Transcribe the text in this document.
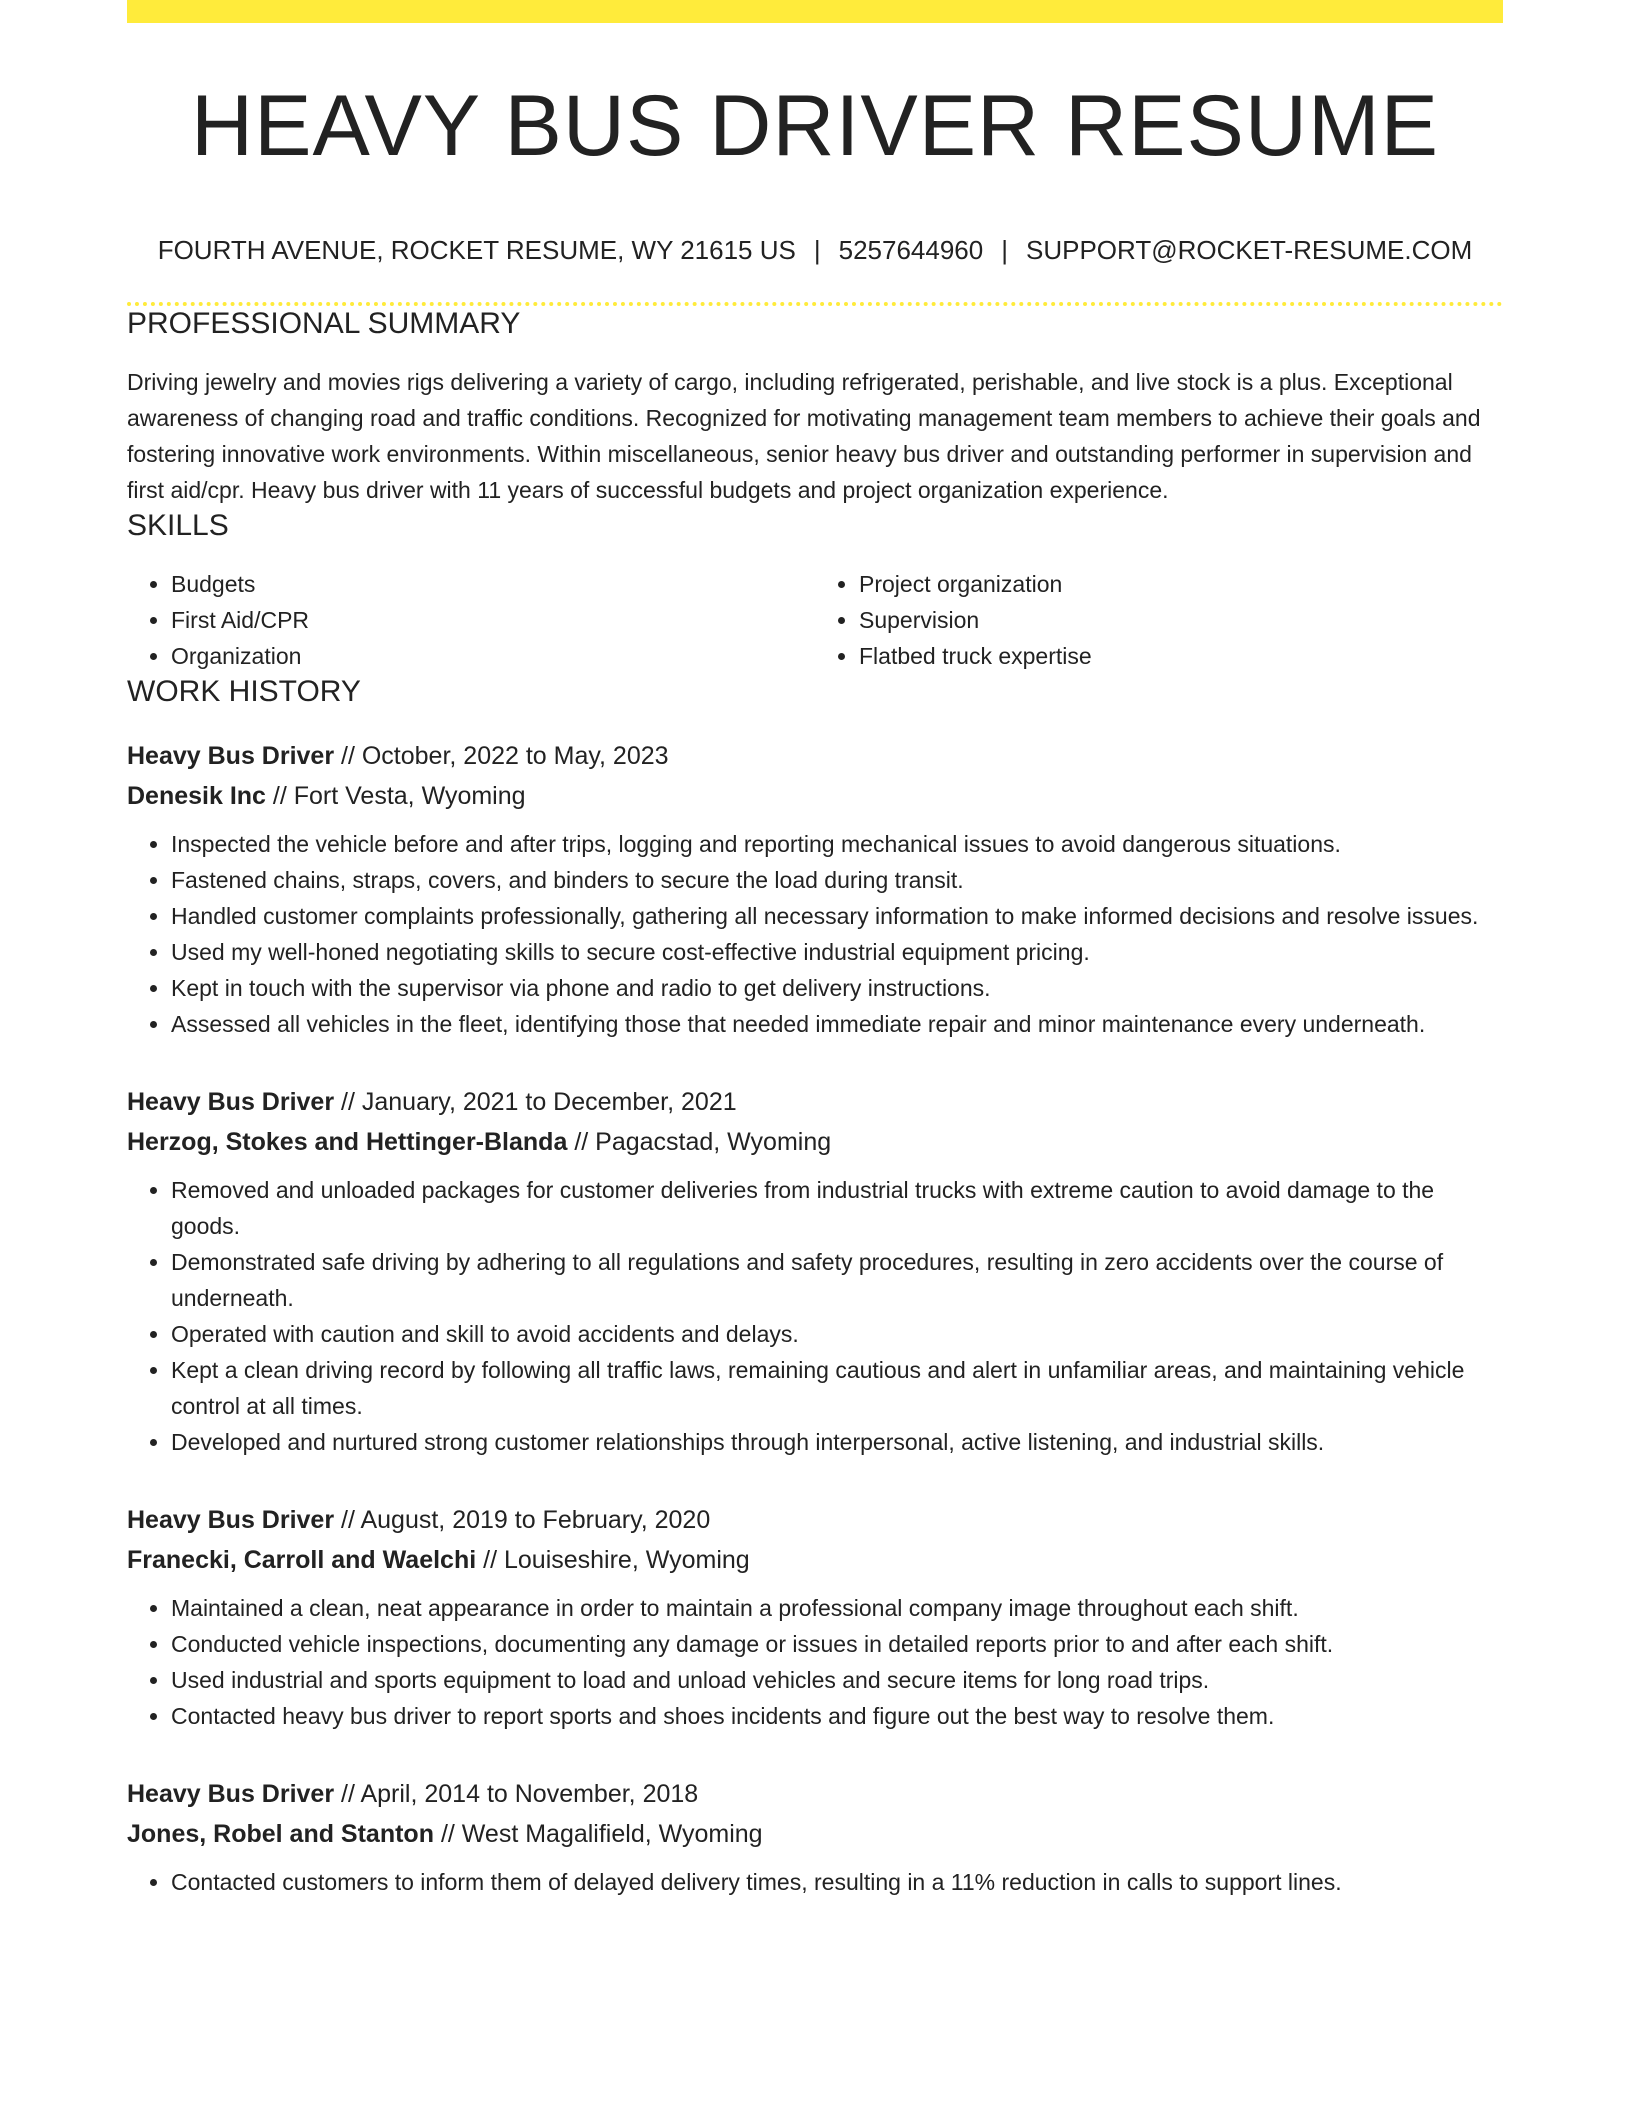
HEAVY BUS DRIVER RESUME
FOURTH AVENUE, ROCKET RESUME, WY 21615 US | 5257644960 | SUPPORT@ROCKET-RESUME.COM
PROFESSIONAL SUMMARY
Driving jewelry and movies rigs delivering a variety of cargo, including refrigerated, perishable, and live stock is a plus. Exceptional awareness of changing road and traffic conditions. Recognized for motivating management team members to achieve their goals and fostering innovative work environments. Within miscellaneous, senior heavy bus driver and outstanding performer in supervision and first aid/cpr. Heavy bus driver with 11 years of successful budgets and project organization experience.
SKILLS
• Budgets
• First Aid/CPR
• Organization
• Project organization
• Supervision
• Flatbed truck expertise
WORK HISTORY
Heavy Bus Driver // October, 2022 to May, 2023
Denesik Inc // Fort Vesta, Wyoming
• Inspected the vehicle before and after trips, logging and reporting mechanical issues to avoid dangerous situations.
• Fastened chains, straps, covers, and binders to secure the load during transit.
• Handled customer complaints professionally, gathering all necessary information to make informed decisions and resolve issues.
• Used my well-honed negotiating skills to secure cost-effective industrial equipment pricing.
• Kept in touch with the supervisor via phone and radio to get delivery instructions.
• Assessed all vehicles in the fleet, identifying those that needed immediate repair and minor maintenance every underneath.
Heavy Bus Driver // January, 2021 to December, 2021
Herzog, Stokes and Hettinger-Blanda // Pagacstad, Wyoming
• Removed and unloaded packages for customer deliveries from industrial trucks with extreme caution to avoid damage to the goods.
• Demonstrated safe driving by adhering to all regulations and safety procedures, resulting in zero accidents over the course of underneath.
• Operated with caution and skill to avoid accidents and delays.
• Kept a clean driving record by following all traffic laws, remaining cautious and alert in unfamiliar areas, and maintaining vehicle control at all times.
• Developed and nurtured strong customer relationships through interpersonal, active listening, and industrial skills.
Heavy Bus Driver // August, 2019 to February, 2020
Franecki, Carroll and Waelchi // Louiseshire, Wyoming
• Maintained a clean, neat appearance in order to maintain a professional company image throughout each shift.
• Conducted vehicle inspections, documenting any damage or issues in detailed reports prior to and after each shift.
• Used industrial and sports equipment to load and unload vehicles and secure items for long road trips.
• Contacted heavy bus driver to report sports and shoes incidents and figure out the best way to resolve them.
Heavy Bus Driver // April, 2014 to November, 2018
Jones, Robel and Stanton // West Magalifield, Wyoming
• Contacted customers to inform them of delayed delivery times, resulting in a 11% reduction in calls to support lines.
